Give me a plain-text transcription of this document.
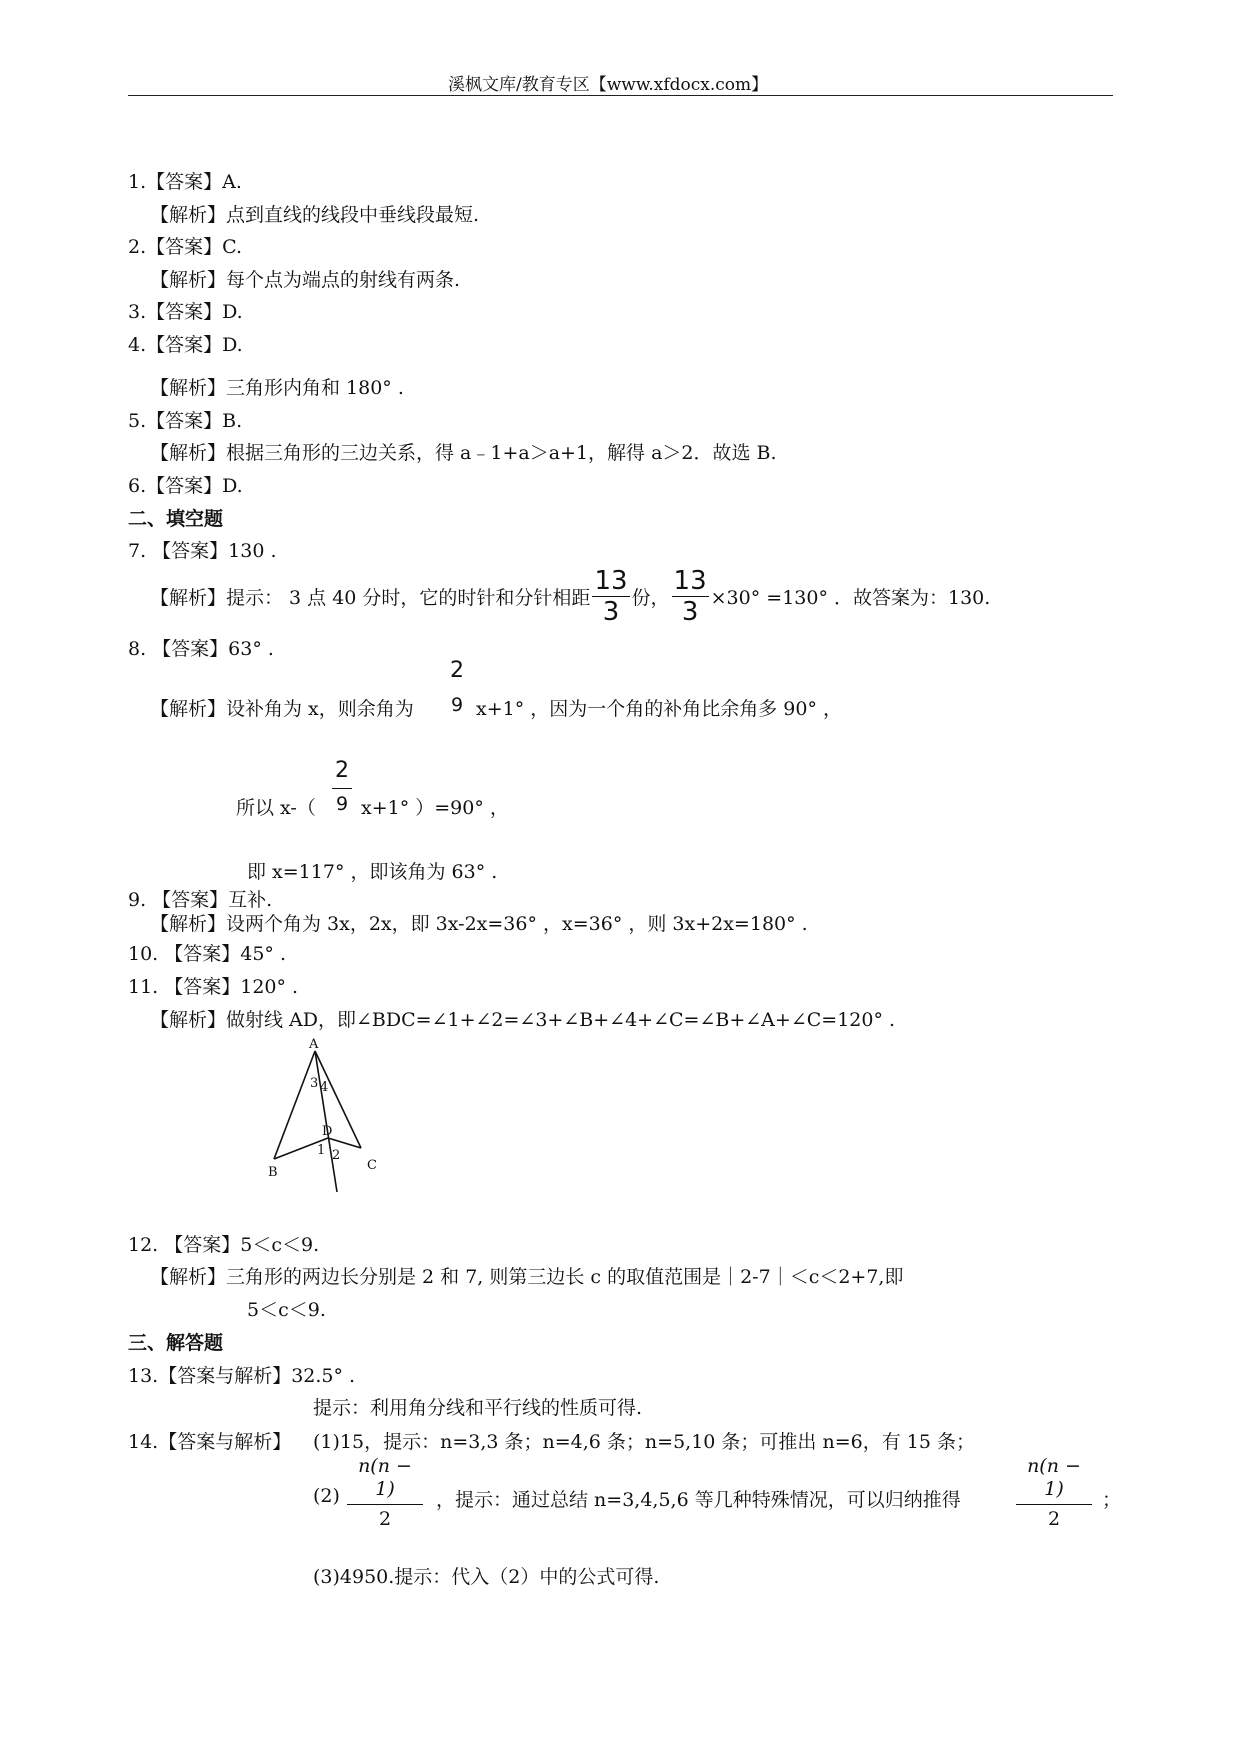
溪枫文库/教育专区【www.xfdocx.com】
1.【答案】A.
【解析】点到直线的线段中垂线段最短.
2.【答案】C.
【解析】每个点为端点的射线有两条.
3.【答案】D.
4.【答案】D.
【解析】三角形内角和 180° .
5.【答案】B.
【解析】根据三角形的三边关系，得 a﹣1+a＞a+1，解得 a＞2．故选 B.
6.【答案】D.
二、填空题
7. 【答案】130 .
【解析】提示： 3 点 40 分时，它的时针和分针相距 $\frac{13}{3}$ 份， $\frac{13}{3} \times 30^\circ =130^\circ$ ．故答案为：130.
8. 【答案】63° .
2
9
【解析】设补角为 x，则余角为	x+1° ，因为一个角的补角比余角多 90° ，
2
9
所以 x-（ x+1° ）=90° ，
即 x=117° ，即该角为 63° .
9. 【答案】互补.
【解析】设两个角为 3x，2x，即 3x-2x=36° ，x=36° ，则 3x+2x=180° .
10. 【答案】45° .
11. 【答案】120° .
【解析】做射线 AD，即∠BDC=∠1+∠2=∠3+∠B+∠4+∠C=∠B+∠A+∠C=120° .
A
B	C
D
1 2
3 4
12. 【答案】5＜c＜9.
【解析】三角形的两边长分别是 2 和 7, 则第三边长 c 的取值范围是｜2-7｜＜c＜2+7,即
5＜c＜9.
三、解答题
13.【答案与解析】32.5° .
提示：利用角分线和平行线的性质可得.
14.【答案与解析】 (1)15，提示：n=3,3 条；n=4,6 条；n=5,10 条；可推出 n=6，有 15 条；
(2)
n(n − 1)
2
，提示：通过总结 n=3,4,5,6 等几种特殊情况，可以归纳推得
n(n − 1)
2
；
(3)4950.提示：代入（2）中的公式可得.
